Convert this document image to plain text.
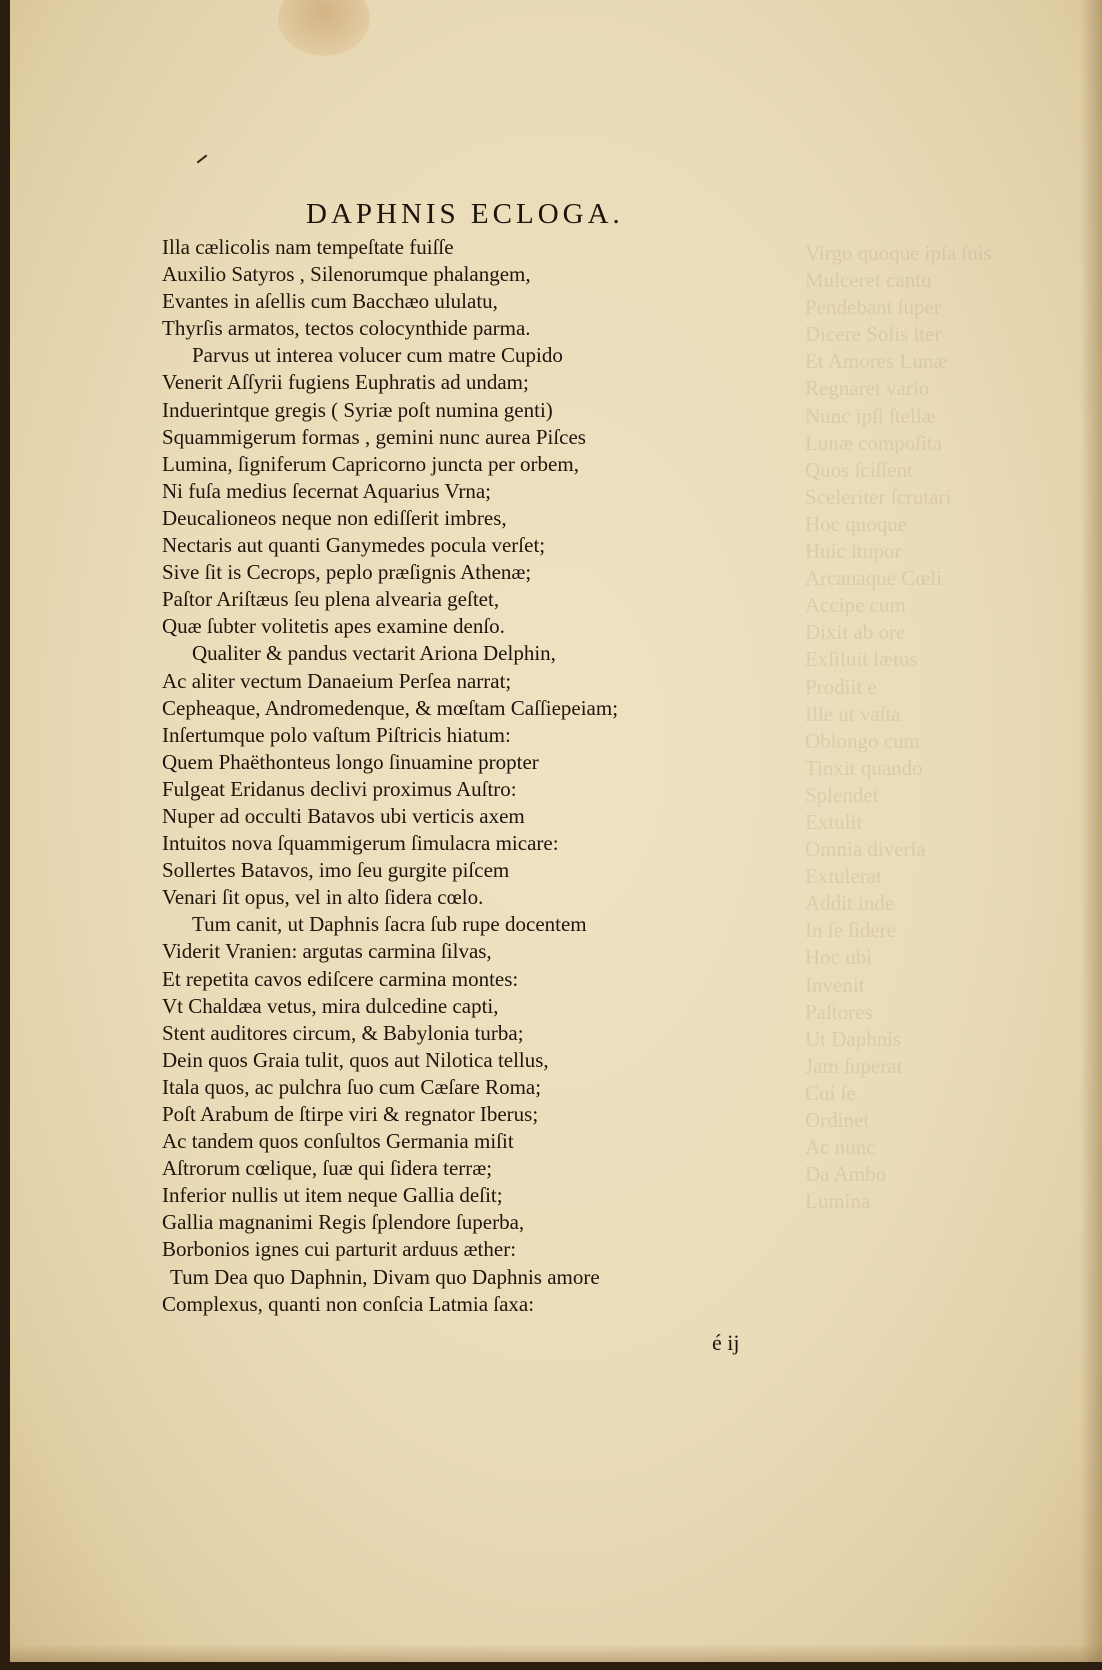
Virgo quoque ipſa ſuis
Mulceret cantu
Pendebant ſuper
Dicere Solis iter
Et Amores Lunæ
Regnaret vario
Nunc ipſi ſtellæ
Lunæ compoſita
Quos ſciſſent
Sceleriter ſcrutari
Hoc quoque
Huic ſtupor
Arcanaque Cœli
Accipe cum
Dixit ab ore
Exſiluit lætus
Prodiit e
Ille ut vaſta
Oblongo cum
Tinxit quando
Splendet
Extulit
Omnia diverſa
Extulerat
Addit inde
In ſe ſidere
Hoc ubi
Invenit
Paſtores
Ut Daphnis
Jam ſuperat
Cui ſe
Ordinet
Ac nunc
Da Ambo
Lumina
DAPHNIS ECLOGA.
Illa cælicolis nam tempeſtate fuiſſe
Auxilio Satyros , Silenorumque phalangem,
Evantes in aſellis cum Bacchæo ululatu,
Thyrſis armatos, tectos colocynthide parma.
Parvus ut interea volucer cum matre Cupido
Venerit Aſſyrii fugiens Euphratis ad undam;
Induerintque gregis ( Syriæ poſt numina genti)
Squammigerum formas , gemini nunc aurea Piſces
Lumina, ſigniferum Capricorno juncta per orbem,
Ni fuſa medius ſecernat Aquarius Vrna;
Deucalioneos neque non ediſſerit imbres,
Nectaris aut quanti Ganymedes pocula verſet;
Sive ſit is Cecrops, peplo præſignis Athenæ;
Paſtor Ariſtæus ſeu plena alvearia geſtet,
Quæ ſubter volitetis apes examine denſo.
Qualiter & pandus vectarit Ariona Delphin,
Ac aliter vectum Danaeium Perſea narrat;
Cepheaque, Andromedenque, & mœſtam Caſſiepeiam;
Inſertumque polo vaſtum Piſtricis hiatum:
Quem Phaëthonteus longo ſinuamine propter
Fulgeat Eridanus declivi proximus Auſtro:
Nuper ad occulti Batavos ubi verticis axem
Intuitos nova ſquammigerum ſimulacra micare:
Sollertes Batavos, imo ſeu gurgite piſcem
Venari ſit opus, vel in alto ſidera cœlo.
Tum canit, ut Daphnis ſacra ſub rupe docentem
Viderit Vranien: argutas carmina ſilvas,
Et repetita cavos ediſcere carmina montes:
Vt Chaldæa vetus, mira dulcedine capti,
Stent auditores circum, & Babylonia turba;
Dein quos Graia tulit, quos aut Nilotica tellus,
Itala quos, ac pulchra ſuo cum Cæſare Roma;
Poſt Arabum de ſtirpe viri & regnator Iberus;
Ac tandem quos conſultos Germania miſit
Aſtrorum cœlique, ſuæ qui ſidera terræ;
Inferior nullis ut item neque Gallia deſit;
Gallia magnanimi Regis ſplendore ſuperba,
Borbonios ignes cui parturit arduus æther:
Tum Dea quo Daphnin, Divam quo Daphnis amore
Complexus, quanti non conſcia Latmia ſaxa:
é ij
